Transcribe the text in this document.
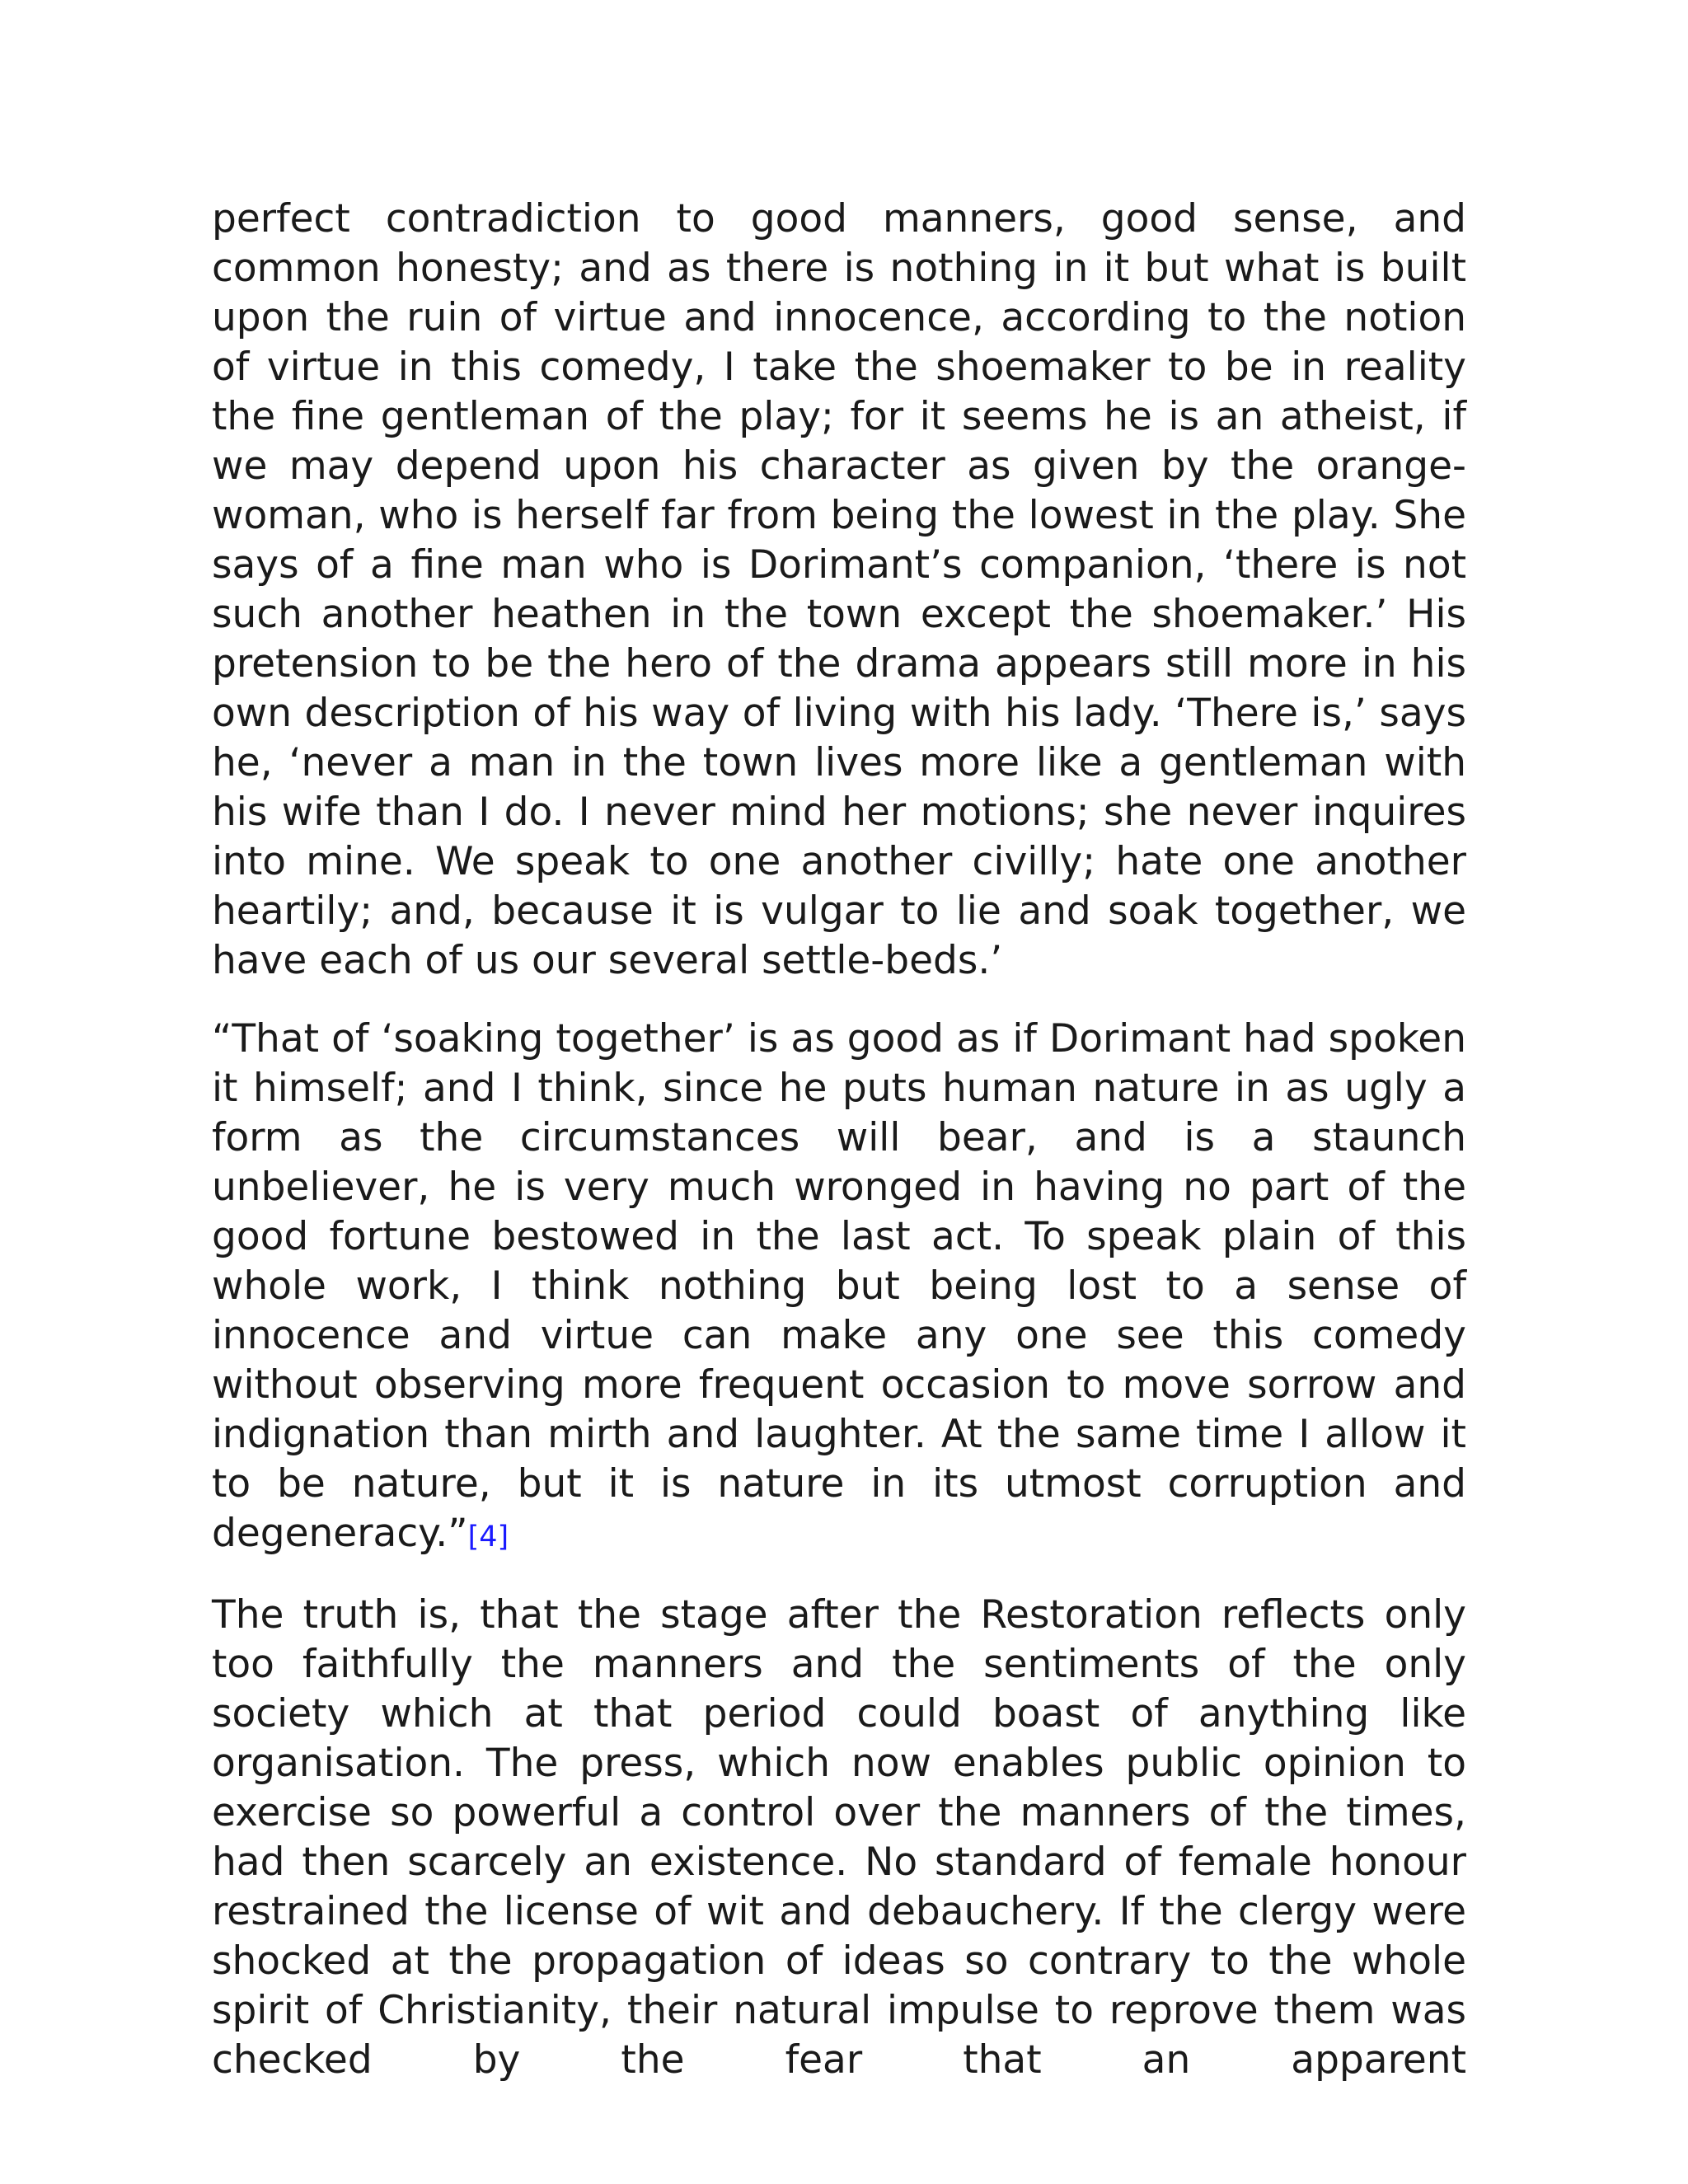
perfect contradiction to good manners, good sense, and common honesty; and as there is nothing in it but what is built upon the ruin of virtue and innocence, according to the notion of virtue in this comedy, I take the shoemaker to be in reality the fine gentleman of the play; for it seems he is an atheist, if we may depend upon his character as given by the orange-woman, who is herself far from being the lowest in the play. She says of a fine man who is Dorimant’s companion, ‘there is not such another heathen in the town except the shoemaker.’ His pretension to be the hero of the drama appears still more in his own description of his way of living with his lady. ‘There is,’ says he, ‘never a man in the town lives more like a gentleman with his wife than I do. I never mind her motions; she never inquires into mine. We speak to one another civilly; hate one another heartily; and, because it is vulgar to lie and soak together, we have each of us our several settle-beds.’

“That of ‘soaking together’ is as good as if Dorimant had spoken it himself; and I think, since he puts human nature in as ugly a form as the circumstances will bear, and is a staunch unbeliever, he is very much wronged in having no part of the good fortune bestowed in the last act. To speak plain of this whole work, I think nothing but being lost to a sense of innocence and virtue can make any one see this comedy without observing more frequent occasion to move sorrow and indignation than mirth and laughter. At the same time I allow it to be nature, but it is nature in its utmost corruption and degeneracy.”[4]

The truth is, that the stage after the Restoration reflects only too faithfully the manners and the sentiments of the only society which at that period could boast of anything like organisation. The press, which now enables public opinion to exercise so powerful a control over the manners of the times, had then scarcely an existence. No standard of female honour restrained the license of wit and debauchery. If the clergy were shocked at the propagation of ideas so contrary to the whole spirit of Christianity, their natural impulse to reprove them was checked by the fear that an apparent
